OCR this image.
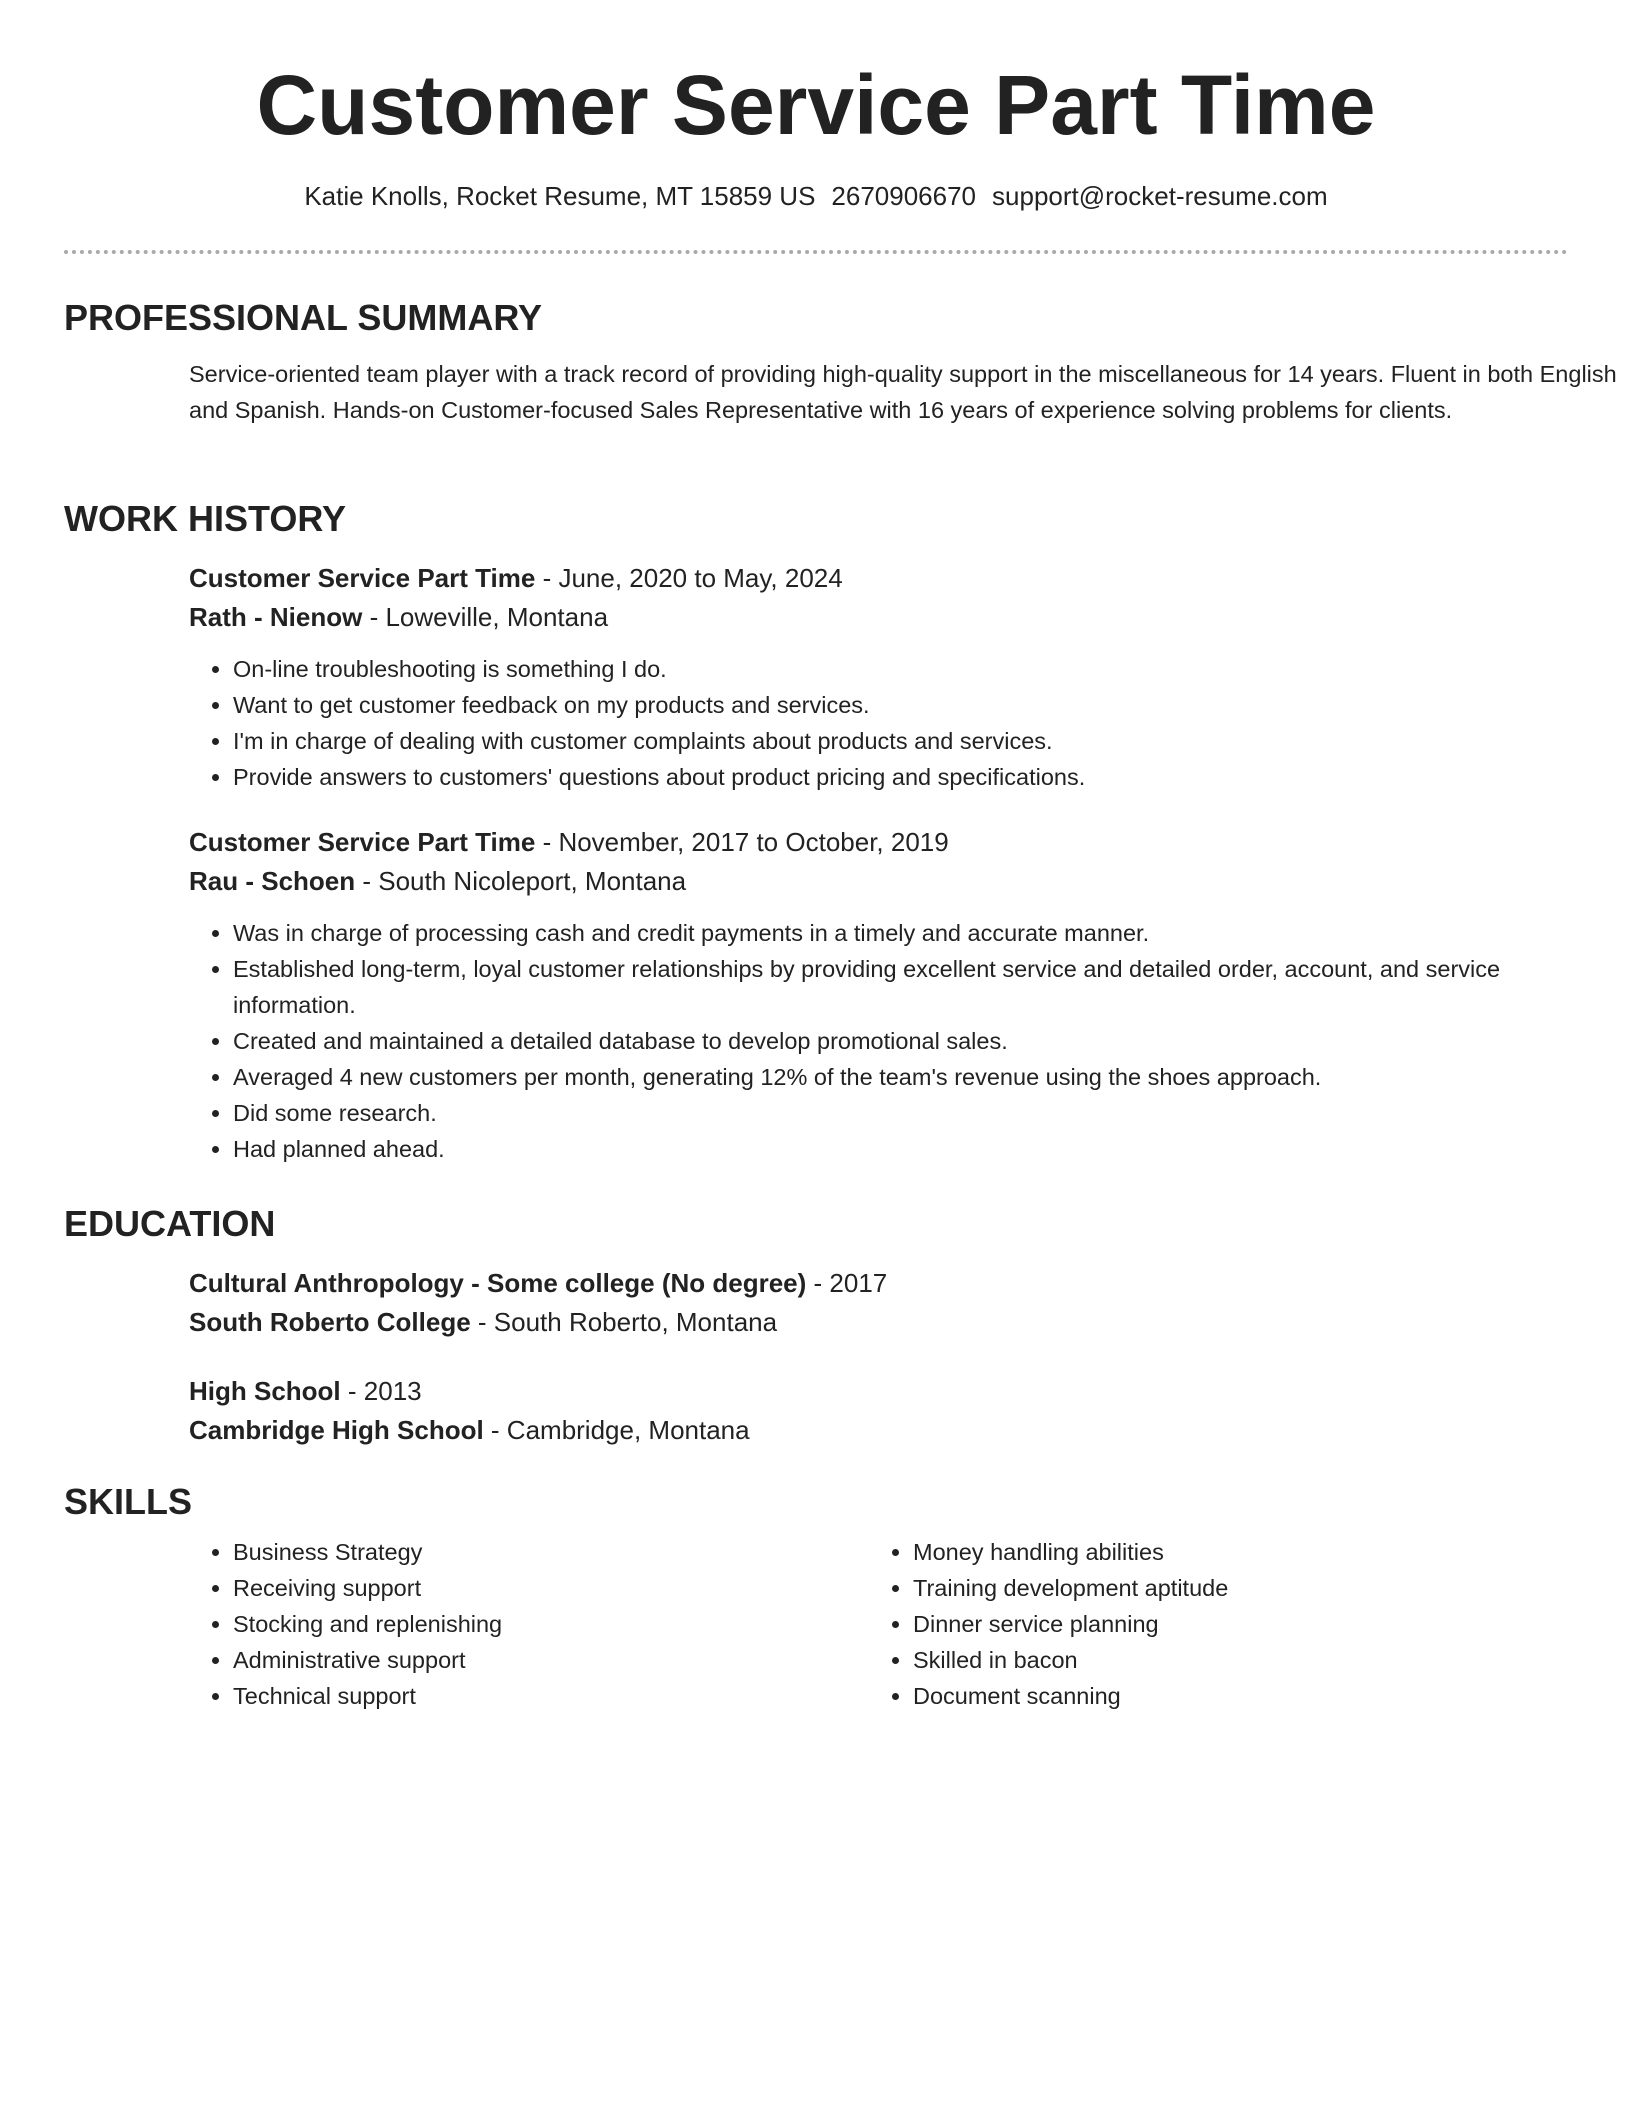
Customer Service Part Time
Katie Knolls, Rocket Resume, MT 15859 US 2670906670 support@rocket-resume.com
PROFESSIONAL SUMMARY

Service-oriented team player with a track record of providing high-quality support in the miscellaneous for 14 years. Fluent in both English and Spanish. Hands-on Customer-focused Sales Representative with 16 years of experience solving problems for clients.

WORK HISTORY
Customer Service Part Time - June, 2020 to May, 2024
Rath - Nienow - Loweville, Montana
• On-line troubleshooting is something I do.
• Want to get customer feedback on my products and services.
• I'm in charge of dealing with customer complaints about products and services.
• Provide answers to customers' questions about product pricing and specifications.
Customer Service Part Time - November, 2017 to October, 2019
Rau - Schoen - South Nicoleport, Montana
• Was in charge of processing cash and credit payments in a timely and accurate manner.
• Established long-term, loyal customer relationships by providing excellent service and detailed order, account, and service information.
• Created and maintained a detailed database to develop promotional sales.
• Averaged 4 new customers per month, generating 12% of the team's revenue using the shoes approach.
• Did some research.
• Had planned ahead.
EDUCATION
Cultural Anthropology - Some college (No degree) - 2017
South Roberto College - South Roberto, Montana
High School - 2013
Cambridge High School - Cambridge, Montana
SKILLS
• Business Strategy
• Receiving support
• Stocking and replenishing
• Administrative support
• Technical support
• Money handling abilities
• Training development aptitude
• Dinner service planning
• Skilled in bacon
• Document scanning
